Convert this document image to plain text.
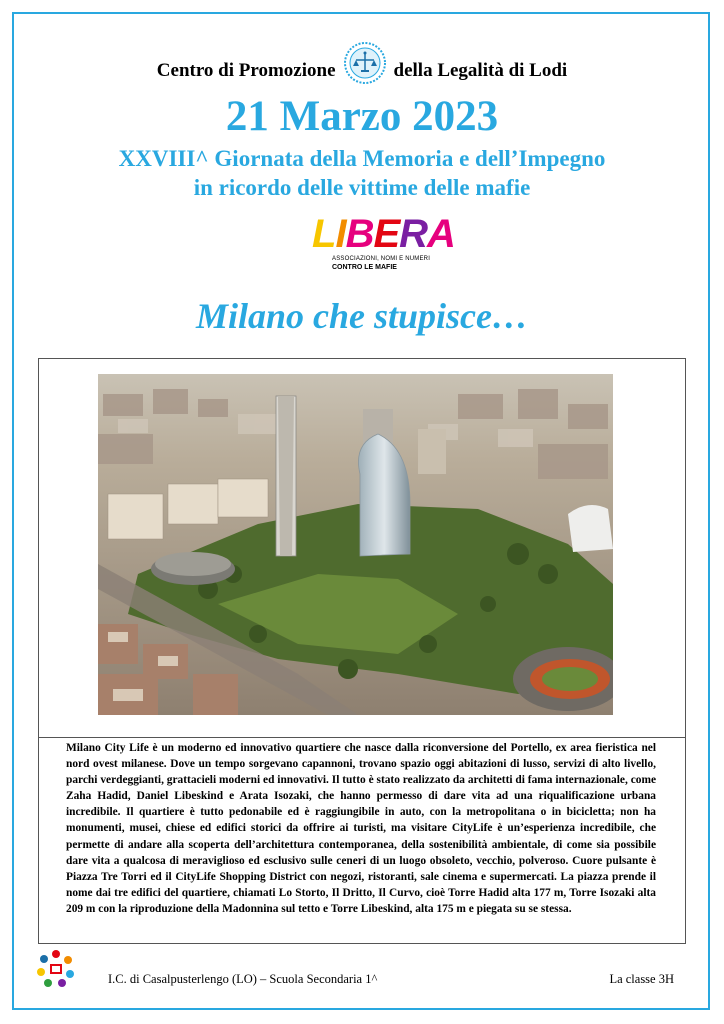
Centro di Promozione	della Legalità di Lodi
21 Marzo 2023
XXVIII^ Giornata della Memoria e dell’Impegno
in ricordo delle vittime delle mafie
LIBERA
ASSOCIAZIONI, NOMI E NUMERI
CONTRO LE MAFIE
Milano che stupisce…

Milano City Life è un moderno ed innovativo quartiere che nasce dalla riconversione del Portello, ex area fieristica nel nord ovest milanese. Dove un tempo sorgevano capannoni, trovano spazio oggi abitazioni di lusso, servizi di alto livello, parchi verdeggianti, grattacieli moderni ed innovativi. Il tutto è stato realizzato da architetti di fama internazionale, come Zaha Hadid, Daniel Libeskind e Arata Isozaki, che hanno permesso di dare vita ad una riqualificazione urbana incredibile. Il quartiere è tutto pedonabile ed è raggiungibile in auto, con la metropolitana o in bicicletta; non ha monumenti, musei, chiese ed edifici storici da offrire ai turisti, ma visitare CityLife è un’esperienza incredibile, che permette di andare alla scoperta dell’architettura contemporanea, della sostenibilità ambientale, di come sia possibile dare vita a qualcosa di meraviglioso ed esclusivo sulle ceneri di un luogo obsoleto, vecchio, polveroso. Cuore pulsante è Piazza Tre Torri ed il CityLife Shopping District con negozi, ristoranti, sale cinema e supermercati. La piazza prende il nome dai tre edifici del quartiere, chiamati Lo Storto, Il Dritto, Il Curvo, cioè Torre Hadid alta 177 m, Torre Isozaki alta 209 m con la riproduzione della Madonnina sul tetto e Torre Libeskind, alta 175 m e piegata su se stessa.

I.C. di Casalpusterlengo (LO) – Scuola Secondaria 1^	La classe 3H
